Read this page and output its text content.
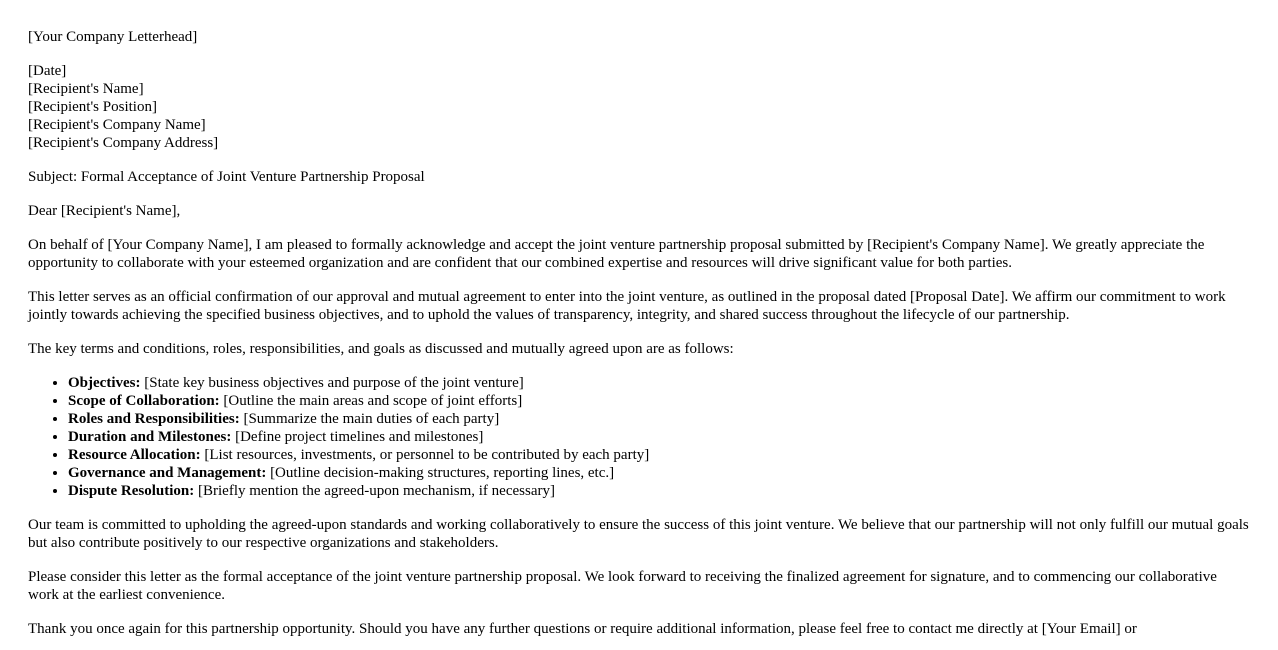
[Your Company Letterhead]

[Date]
[Recipient's Name]
[Recipient's Position]
[Recipient's Company Name]
[Recipient's Company Address]

Subject: Formal Acceptance of Joint Venture Partnership Proposal

Dear [Recipient's Name],

On behalf of [Your Company Name], I am pleased to formally acknowledge and accept the joint venture partnership proposal submitted by [Recipient's Company Name]. We greatly appreciate the opportunity to collaborate with your esteemed organization and are confident that our combined expertise and resources will drive significant value for both parties.

This letter serves as an official confirmation of our approval and mutual agreement to enter into the joint venture, as outlined in the proposal dated [Proposal Date]. We affirm our commitment to work jointly towards achieving the specified business objectives, and to uphold the values of transparency, integrity, and shared success throughout the lifecycle of our partnership.

The key terms and conditions, roles, responsibilities, and goals as discussed and mutually agreed upon are as follows:

• Objectives: [State key business objectives and purpose of the joint venture]
• Scope of Collaboration: [Outline the main areas and scope of joint efforts]
• Roles and Responsibilities: [Summarize the main duties of each party]
• Duration and Milestones: [Define project timelines and milestones]
• Resource Allocation: [List resources, investments, or personnel to be contributed by each party]
• Governance and Management: [Outline decision-making structures, reporting lines, etc.]
• Dispute Resolution: [Briefly mention the agreed-upon mechanism, if necessary]

Our team is committed to upholding the agreed-upon standards and working collaboratively to ensure the success of this joint venture. We believe that our partnership will not only fulfill our mutual goals but also contribute positively to our respective organizations and stakeholders.

Please consider this letter as the formal acceptance of the joint venture partnership proposal. We look forward to receiving the finalized agreement for signature, and to commencing our collaborative work at the earliest convenience.

Thank you once again for this partnership opportunity. Should you have any further questions or require additional information, please feel free to contact me directly at [Your Email] or
